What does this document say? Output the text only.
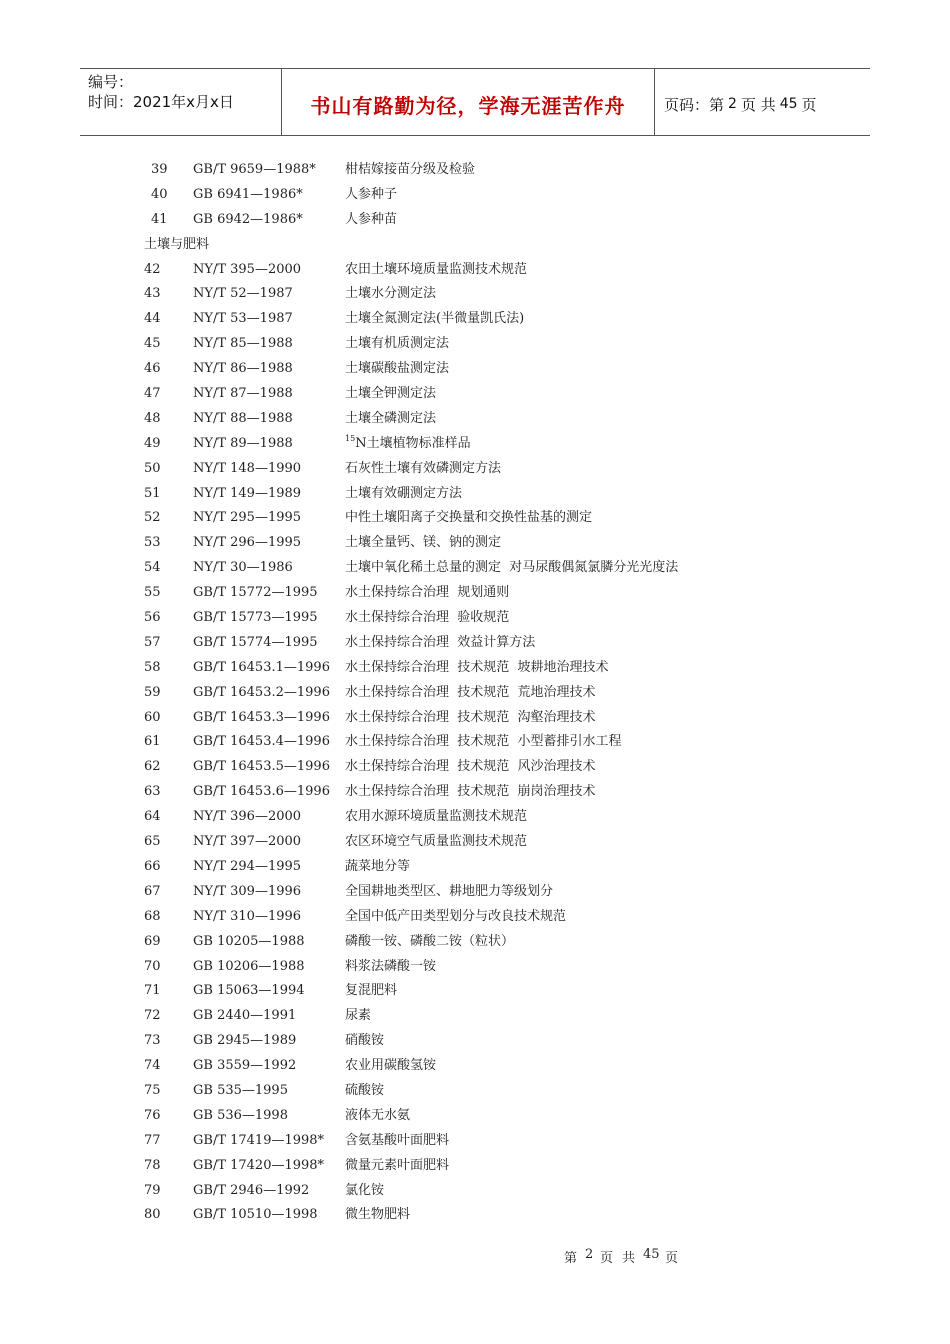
编号：
时间：2021年x月x日	书山有路勤为径，学海无涯苦作舟	页码：第 2 页 共 45 页
39	GB/T 9659—1988* 柑桔嫁接苗分级及检验
40	GB 6941—1986*	人参种子
41	GB 6942—1986*	人参种苗
土壤与肥料
42	NY/T 395—2000	农田土壤环境质量监测技术规范
43	NY/T 52—1987	土壤水分测定法
44	NY/T 53—1987	土壤全氮测定法(半微量凯氏法)
45	NY/T 85—1988	土壤有机质测定法
46	NY/T 86—1988	土壤碳酸盐测定法
47	NY/T 87—1988	土壤全钾测定法
48	NY/T 88—1988	土壤全磷测定法
49	NY/T 89—1988	$^{15}$N土壤植物标准样品
50	NY/T 148—1990	石灰性土壤有效磷测定方法
51	NY/T 149—1989	土壤有效硼测定方法
52	NY/T 295—1995	中性土壤阳离子交换量和交换性盐基的测定
53	NY/T 296—1995	土壤全量钙、镁、钠的测定
54	NY/T 30—1986	土壤中氧化稀土总量的测定  对马尿酸偶氮氯膦分光光度法
55	GB/T 15772—1995 水土保持综合治理  规划通则
56	GB/T 15773—1995 水土保持综合治理  验收规范
57	GB/T 15774—1995 水土保持综合治理  效益计算方法
58	GB/T 16453.1—1996 水土保持综合治理  技术规范  坡耕地治理技术
59	GB/T 16453.2—1996 水土保持综合治理  技术规范  荒地治理技术
60	GB/T 16453.3—1996 水土保持综合治理  技术规范  沟壑治理技术
61	GB/T 16453.4—1996 水土保持综合治理  技术规范  小型蓄排引水工程
62	GB/T 16453.5—1996 水土保持综合治理  技术规范  风沙治理技术
63	GB/T 16453.6—1996 水土保持综合治理  技术规范  崩岗治理技术
64	NY/T 396—2000	农用水源环境质量监测技术规范
65	NY/T 397—2000	农区环境空气质量监测技术规范
66	NY/T 294—1995	蔬菜地分等
67	NY/T 309—1996	全国耕地类型区、耕地肥力等级划分
68	NY/T 310—1996	全国中低产田类型划分与改良技术规范
69	GB 10205—1988	磷酸一铵、磷酸二铵（粒状）
70	GB 10206—1988	料浆法磷酸一铵
71	GB 15063—1994	复混肥料
72	GB 2440—1991	尿素
73	GB 2945—1989	硝酸铵
74	GB 3559—1992	农业用碳酸氢铵
75	GB 535—1995	硫酸铵
76	GB 536—1998	液体无水氨
77	GB/T 17419—1998* 含氨基酸叶面肥料
78	GB/T 17420—1998* 微量元素叶面肥料
79	GB/T 2946—1992	氯化铵
80	GB/T 10510—1998 微生物肥料
第 2 页 共 45 页
